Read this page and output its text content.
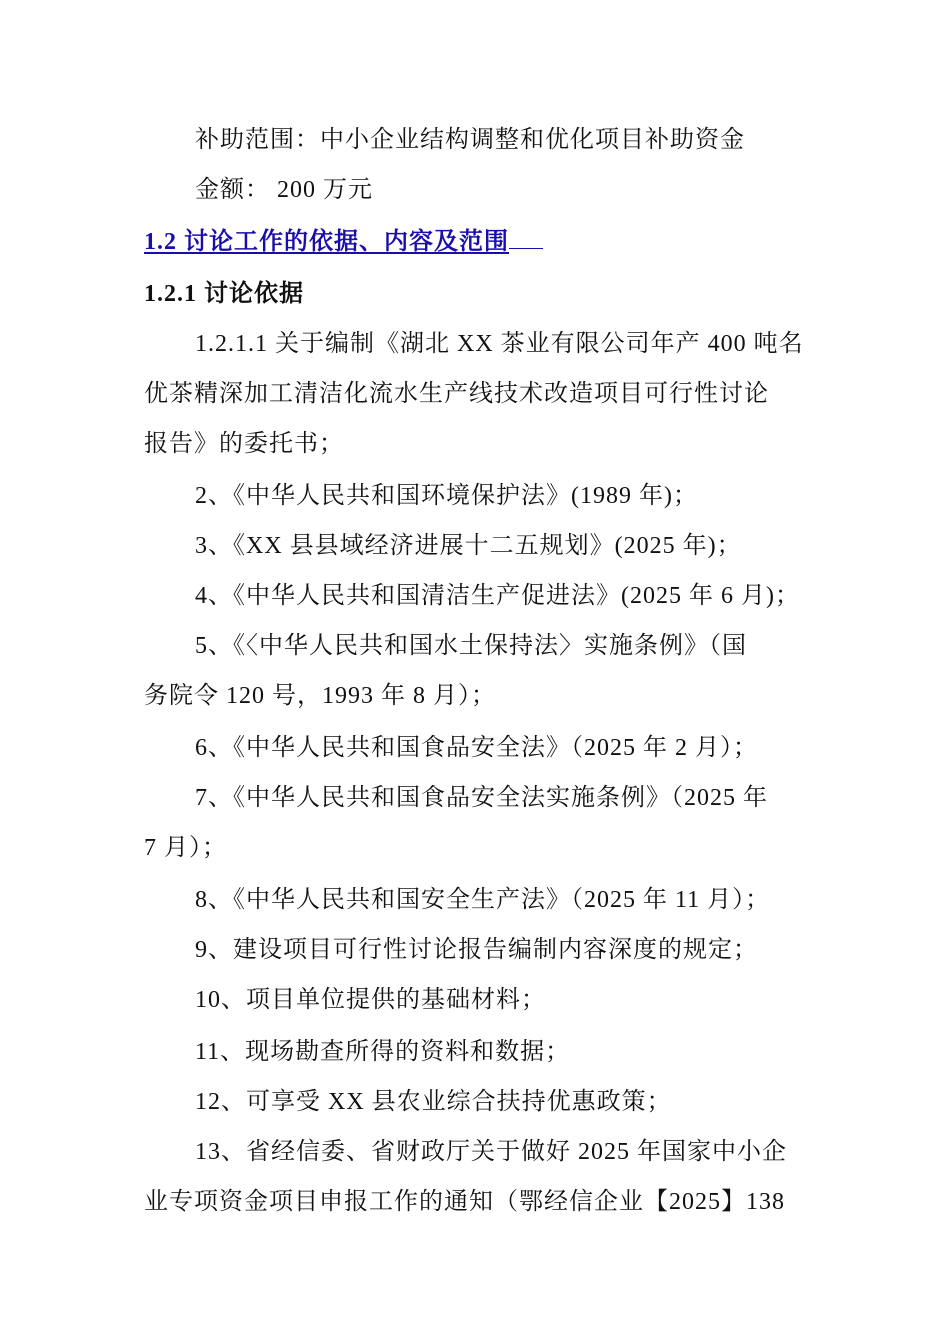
补助范围：中小企业结构调整和优化项目补助资金
金额： 200 万元
1.2 讨论工作的依据、内容及范围
1.2.1 讨论依据
1.2.1.1 关于编制《湖北 XX 茶业有限公司年产 400 吨名
优茶精深加工清洁化流水生产线技术改造项目可行性讨论
报告》的委托书；
2、《中华人民共和国环境保护法》(1989 年)；
3、《XX 县县域经济进展十二五规划》(2025 年)；
4、《中华人民共和国清洁生产促进法》(2025 年 6 月)；
5、《〈中华人民共和国水土保持法〉实施条例》（国
务院令 120 号，1993 年 8 月）；
6、《中华人民共和国食品安全法》（2025 年 2 月）；
7、《中华人民共和国食品安全法实施条例》（2025 年
7 月）；
8、《中华人民共和国安全生产法》（2025 年 11 月）；
9、建设项目可行性讨论报告编制内容深度的规定；
10、项目单位提供的基础材料；
11、现场勘查所得的资料和数据；
12、可享受 XX 县农业综合扶持优惠政策；
13、省经信委、省财政厅关于做好 2025 年国家中小企
业专项资金项目申报工作的通知（鄂经信企业【2025】138
